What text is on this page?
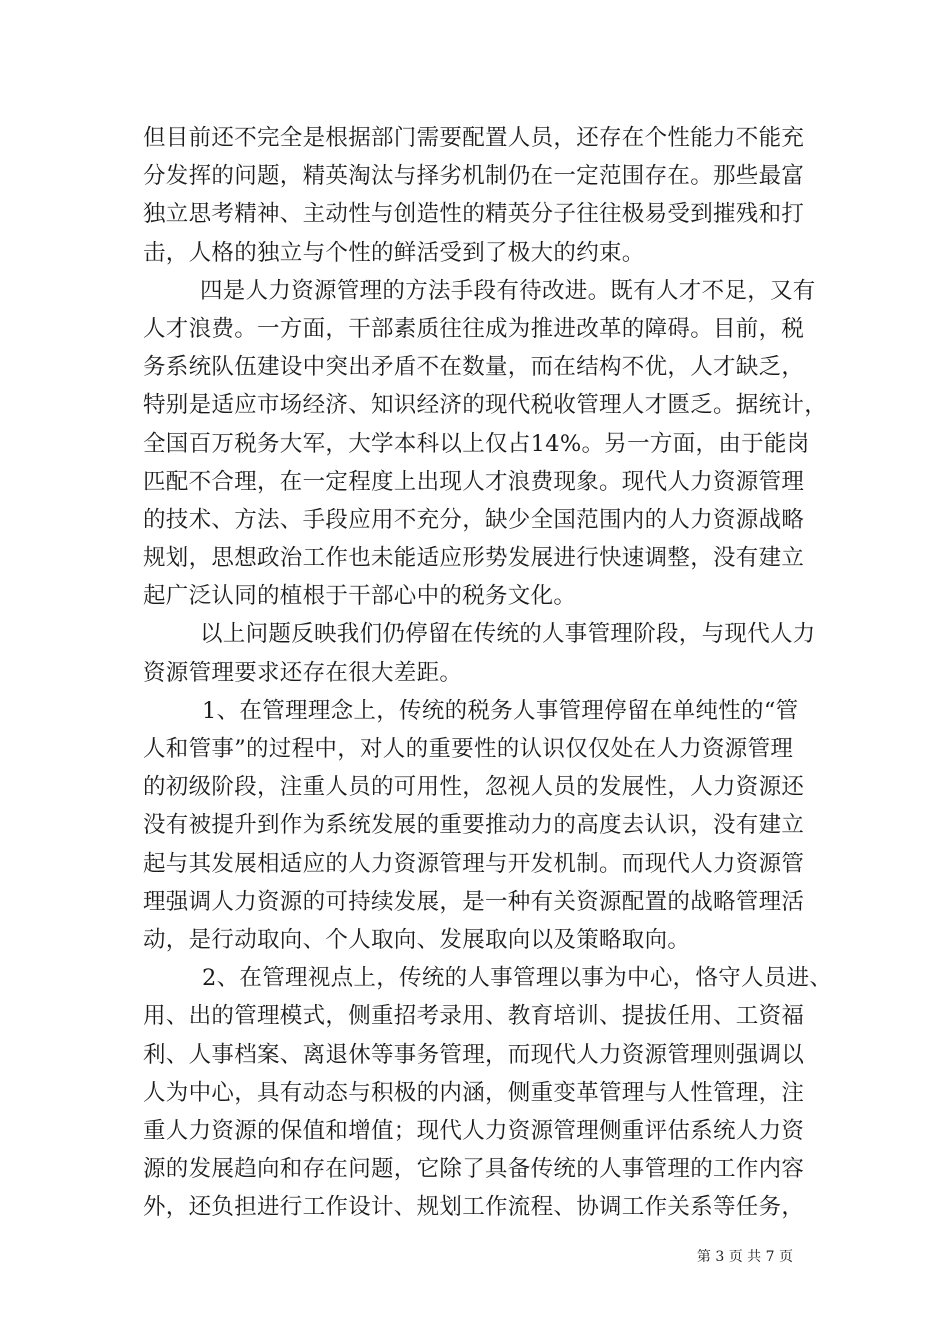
但目前还不完全是根据部门需要配置人员，还存在个性能力不能充
分发挥的问题，精英淘汰与择劣机制仍在一定范围存在。那些最富
独立思考精神、主动性与创造性的精英分子往往极易受到摧残和打
击，人格的独立与个性的鲜活受到了极大的约束。
四是人力资源管理的方法手段有待改进。既有人才不足，又有
人才浪费。一方面，干部素质往往成为推进改革的障碍。目前，税
务系统队伍建设中突出矛盾不在数量，而在结构不优，人才缺乏，
特别是适应市场经济、知识经济的现代税收管理人才匮乏。据统计，
全国百万税务大军，大学本科以上仅占14%。另一方面，由于能岗
匹配不合理，在一定程度上出现人才浪费现象。现代人力资源管理
的技术、方法、手段应用不充分，缺少全国范围内的人力资源战略
规划，思想政治工作也未能适应形势发展进行快速调整，没有建立
起广泛认同的植根于干部心中的税务文化。
以上问题反映我们仍停留在传统的人事管理阶段，与现代人力
资源管理要求还存在很大差距。
1、在管理理念上，传统的税务人事管理停留在单纯性的“管
人和管事”的过程中，对人的重要性的认识仅仅处在人力资源管理
的初级阶段，注重人员的可用性，忽视人员的发展性，人力资源还
没有被提升到作为系统发展的重要推动力的高度去认识，没有建立
起与其发展相适应的人力资源管理与开发机制。而现代人力资源管
理强调人力资源的可持续发展，是一种有关资源配置的战略管理活
动，是行动取向、个人取向、发展取向以及策略取向。
2、在管理视点上，传统的人事管理以事为中心，恪守人员进、
用、出的管理模式，侧重招考录用、教育培训、提拔任用、工资福
利、人事档案、离退休等事务管理，而现代人力资源管理则强调以
人为中心，具有动态与积极的内涵，侧重变革管理与人性管理，注
重人力资源的保值和增值；现代人力资源管理侧重评估系统人力资
源的发展趋向和存在问题，它除了具备传统的人事管理的工作内容
外，还负担进行工作设计、规划工作流程、协调工作关系等任务，
第 3 页 共 7 页
